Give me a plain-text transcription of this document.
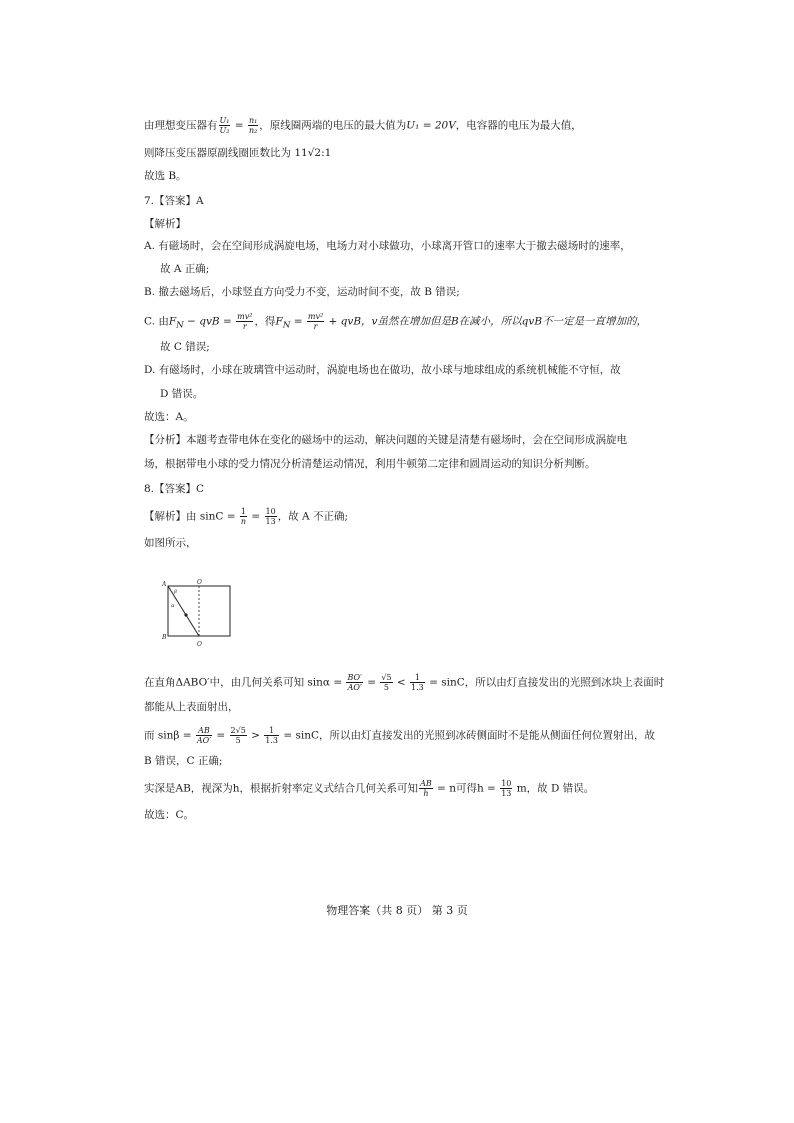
由理想变压器有 $\frac{\text{U₁}}{\text{U₂}} = \frac{\text{n₁}}{\text{n₂}}$ ，原线圈两端的电压的最大值为U₁ = 20V，电容器的电压为最大值，
则降压变压器原副线圈匝数比为 11√2:1
故选 B。
7.【答案】A
【解析】
A. 有磁场时，会在空间形成涡旋电场，电场力对小球做功，小球离开管口的速率大于撤去磁场时的速率，
故 A 正确;
B. 撤去磁场后，小球竖直方向受力不变，运动时间不变，故 B 错误;
C. 由$F_N$ − qvB = $\frac{\text{mv²}}{r}$ ，得$F_N = \frac{\text{mv²}}{r}$ + qvB，v虽然在增加但是B在减小，所以qvB不一定是一直增加的，
故 C 错误;
D. 有磁场时，小球在玻璃管中运动时，涡旋电场也在做功，故小球与地球组成的系统机械能不守恒，故
D 错误。
故选：A。
【分析】本题考查带电体在变化的磁场中的运动，解决问题的关键是清楚有磁场时，会在空间形成涡旋电
场，根据带电小球的受力情况分析清楚运动情况，利用牛顿第二定律和圆周运动的知识分析判断。
8.【答案】C
【解析】由 $\sin C = \frac{1}{n} = \frac{10}{13}$ ，故 A 不正确;
如图所示，
A
B
O
O
β
α
在直角ΔABO′中，由几何关系可知 $\sin\alpha = \frac{BO'}{AO'} = \frac{√5}{5} < \frac{1}{1.3} = \sin C$，所以由灯直接发出的光照到冰块上表面时
都能从上表面射出，
而 $\sin\beta = \frac{AB}{AO'} = \frac{2√5}{5} > \frac{1}{1.3} = \sin C$，所以由灯直接发出的光照到冰砖侧面时不是能从侧面任何位置射出，故
B 错误，C 正确;
实深是AB，视深为h，根据折射率定义式结合几何关系可知 $\frac{AB}{h} = n$可得$h = \frac{10}{13}$ m，故 D 错误。
故选：C。
物理答案（共 8 页） 第 3 页
